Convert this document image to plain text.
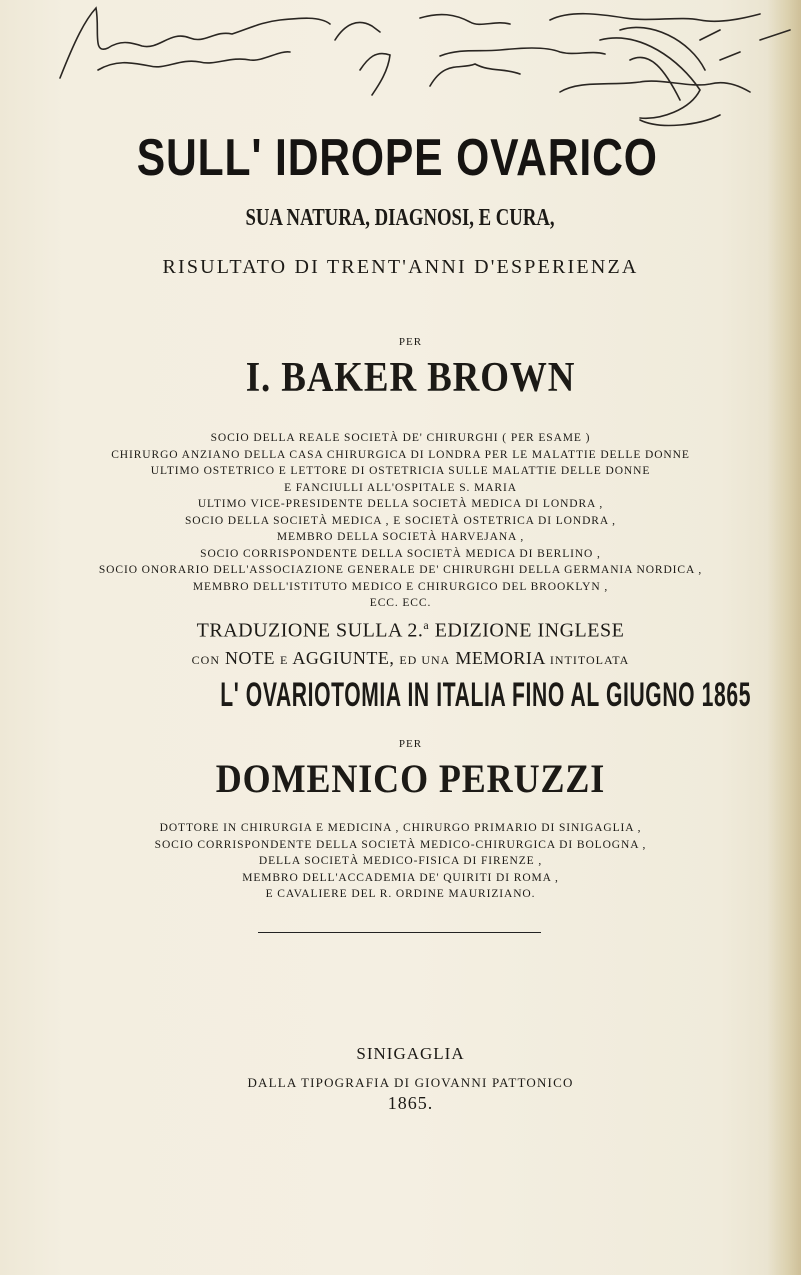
SULL' IDROPE OVARICO
SUA NATURA, DIAGNOSI, E CURA,
RISULTATO DI TRENT'ANNI D'ESPERIENZA
PER
I. BAKER BROWN
SOCIO DELLA REALE SOCIETÀ DE' CHIRURGHI ( PER ESAME )
CHIRURGO ANZIANO DELLA CASA CHIRURGICA DI LONDRA PER LE MALATTIE DELLE DONNE
ULTIMO OSTETRICO E LETTORE DI OSTETRICIA SULLE MALATTIE DELLE DONNE
E FANCIULLI ALL'OSPITALE S. MARIA
ULTIMO VICE-PRESIDENTE DELLA SOCIETÀ MEDICA DI LONDRA ,
SOCIO DELLA SOCIETÀ MEDICA , E SOCIETÀ OSTETRICA DI LONDRA ,
MEMBRO DELLA SOCIETÀ HARVEJANA ,
SOCIO CORRISPONDENTE DELLA SOCIETÀ MEDICA DI BERLINO ,
SOCIO ONORARIO DELL'ASSOCIAZIONE GENERALE DE' CHIRURGHI DELLA GERMANIA NORDICA ,
MEMBRO DELL'ISTITUTO MEDICO E CHIRURGICO DEL BROOKLYN ,
ECC. ECC.
TRADUZIONE SULLA 2.$^a$ EDIZIONE INGLESE
CON NOTE E AGGIUNTE, ED UNA MEMORIA INTITOLATA
L' OVARIOTOMIA IN ITALIA FINO AL GIUGNO 1865
PER
DOMENICO PERUZZI
DOTTORE IN CHIRURGIA E MEDICINA , CHIRURGO PRIMARIO DI SINIGAGLIA ,
SOCIO CORRISPONDENTE DELLA SOCIETÀ MEDICO-CHIRURGICA DI BOLOGNA ,
DELLA SOCIETÀ MEDICO-FISICA DI FIRENZE ,
MEMBRO DELL'ACCADEMIA DE' QUIRITI DI ROMA ,
E CAVALIERE DEL R. ORDINE MAURIZIANO.
SINIGAGLIA
DALLA TIPOGRAFIA DI GIOVANNI PATTONICO
1865.
